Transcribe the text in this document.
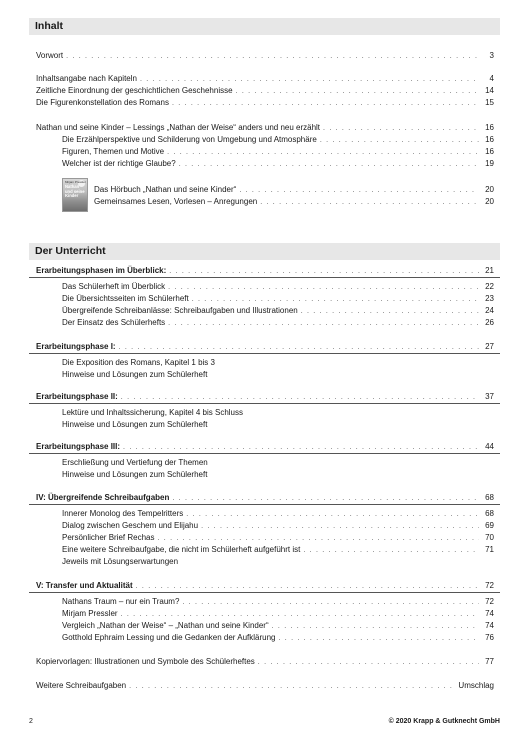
Inhalt
Vorwort . . .	3
Inhaltsangabe nach Kapiteln . . .	4
Zeitliche Einordnung der geschichtlichen Geschehnisse . . .	14
Die Figurenkonstellation des Romans . . .	15
Nathan und seine Kinder – Lessings „Nathan der Weise“ anders und neu erzählt . . .	16
Die Erzählperspektive und Schilderung von Umgebung und Atmosphäre . . .	16
Figuren, Themen und Motive . . .	16
Welcher ist der richtige Glaube? . . .	19
Mirjam Pressler
Nathan und seine Kinder
Das Hörbuch „Nathan und seine Kinder“ . . .	20
Gemeinsames Lesen, Vorlesen – Anregungen . . .	20
Der Unterricht
Erarbeitungsphasen im Überblick: . . .	21
Das Schülerheft im Überblick . . .	22
Die Übersichtsseiten im Schülerheft . . .	23
Übergreifende Schreibanlässe: Schreibaufgaben und Illustrationen . . .	24
Der Einsatz des Schülerhefts . . .	26
Erarbeitungsphase I: . . .	27
Die Exposition des Romans, Kapitel 1 bis 3
Hinweise und Lösungen zum Schülerheft
Erarbeitungsphase II: . . .	37
Lektüre und Inhaltssicherung, Kapitel 4 bis Schluss
Hinweise und Lösungen zum Schülerheft
Erarbeitungsphase III: . . .	44
Erschließung und Vertiefung der Themen
Hinweise und Lösungen zum Schülerheft
IV: Übergreifende Schreibaufgaben . . .	68
Innerer Monolog des Tempelritters . . .	68
Dialog zwischen Geschem und Elijahu . . .	69
Persönlicher Brief Rechas . . .	70
Eine weitere Schreibaufgabe, die nicht im Schülerheft aufgeführt ist . . .	71
Jeweils mit Lösungserwartungen
V: Transfer und Aktualität . . .	72
Nathans Traum – nur ein Traum? . . .	72
Mirjam Pressler . . .	74
Vergleich „Nathan der Weise“ – „Nathan und seine Kinder“ . . .	74
Gotthold Ephraim Lessing und die Gedanken der Aufklärung . . .	76
Kopiervorlagen: Illustrationen und Symbole des Schülerheftes . . .	77
Weitere Schreibaufgaben . . .	Umschlag
2	© 2020 Krapp & Gutknecht GmbH
